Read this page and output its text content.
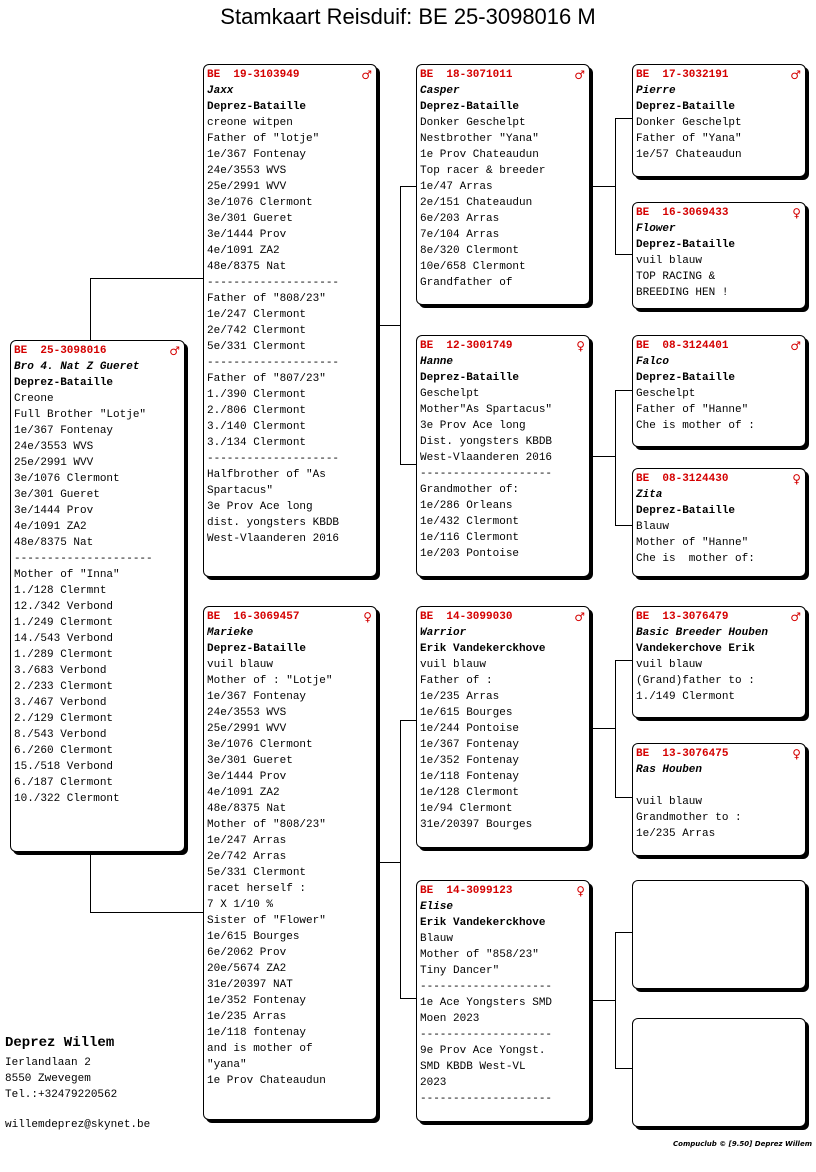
Stamkaart Reisduif: BE 25-3098016 M
BE  25-3098016	♂
Bro 4. Nat Z Gueret
Deprez-Bataille
Creone
Full Brother "Lotje"
1e/367 Fontenay
24e/3553 WVS
25e/2991 WVV
3e/1076 Clermont
3e/301 Gueret
3e/1444 Prov
4e/1091 ZA2
48e/8375 Nat
---------------------
Mother of "Inna"
1./128 Clermnt
12./342 Verbond
1./249 Clermont
14./543 Verbond
1./289 Clermont
3./683 Verbond
2./233 Clermont
3./467 Verbond
2./129 Clermont
8./543 Verbond
6./260 Clermont
15./518 Verbond
6./187 Clermont
10./322 Clermont
BE  19-3103949	♂
Jaxx
Deprez-Bataille
creone witpen
Father of "lotje"
1e/367 Fontenay
24e/3553 WVS
25e/2991 WVV
3e/1076 Clermont
3e/301 Gueret
3e/1444 Prov
4e/1091 ZA2
48e/8375 Nat
--------------------
Father of "808/23"
1e/247 Clermont
2e/742 Clermont
5e/331 Clermont
--------------------
Father of "807/23"
1./390 Clermont
2./806 Clermont
3./140 Clermont
3./134 Clermont
--------------------
Halfbrother of "As
Spartacus"
3e Prov Ace long
dist. yongsters KBDB
West-Vlaanderen 2016
BE  16-3069457	♀
Marieke
Deprez-Bataille
vuil blauw
Mother of : "Lotje"
1e/367 Fontenay
24e/3553 WVS
25e/2991 WVV
3e/1076 Clermont
3e/301 Gueret
3e/1444 Prov
4e/1091 ZA2
48e/8375 Nat
Mother of "808/23"
1e/247 Arras
2e/742 Arras
5e/331 Clermont
racet herself :
7 X 1/10 %
Sister of "Flower"
1e/615 Bourges
6e/2062 Prov
20e/5674 ZA2
31e/20397 NAT
1e/352 Fontenay
1e/235 Arras
1e/118 fontenay
and is mother of
"yana"
1e Prov Chateaudun
BE  18-3071011	♂
Casper
Deprez-Bataille
Donker Geschelpt
Nestbrother "Yana"
1e Prov Chateaudun
Top racer & breeder
1e/47 Arras
2e/151 Chateaudun
6e/203 Arras
7e/104 Arras
8e/320 Clermont
10e/658 Clermont
Grandfather of
BE  12-3001749	♀
Hanne
Deprez-Bataille
Geschelpt
Mother"As Spartacus"
3e Prov Ace long
Dist. yongsters KBDB
West-Vlaanderen 2016
--------------------
Grandmother of:
1e/286 Orleans
1e/432 Clermont
1e/116 Clermont
1e/203 Pontoise
BE  14-3099030	♂
Warrior
Erik Vandekerckhove
vuil blauw
Father of :
1e/235 Arras
1e/615 Bourges
1e/244 Pontoise
1e/367 Fontenay
1e/352 Fontenay
1e/118 Fontenay
1e/128 Clermont
1e/94 Clermont
31e/20397 Bourges
BE  14-3099123	♀
Elise
Erik Vandekerckhove
Blauw
Mother of "858/23"
Tiny Dancer"
--------------------
1e Ace Yongsters SMD
Moen 2023
--------------------
9e Prov Ace Yongst.
SMD KBDB West-VL
2023
--------------------
BE  17-3032191	♂
Pierre
Deprez-Bataille
Donker Geschelpt
Father of "Yana"
1e/57 Chateaudun
BE  16-3069433	♀
Flower
Deprez-Bataille
vuil blauw
TOP RACING &
BREEDING HEN !
BE  08-3124401	♂
Falco
Deprez-Bataille
Geschelpt
Father of "Hanne"
Che is mother of :
BE  08-3124430	♀
Zita
Deprez-Bataille
Blauw
Mother of "Hanne"
Che is  mother of:
BE  13-3076479	♂
Basic Breeder Houben
Vandekerchove Erik
vuil blauw
(Grand)father to :
1./149 Clermont
BE  13-3076475	♀
Ras Houben
vuil blauw
Grandmother to :
1e/235 Arras
Deprez Willem
Ierlandlaan 2
8550 Zwevegem
Tel.:+32479220562
willemdeprez@skynet.be
Compuclub © [9.50] Deprez Willem
